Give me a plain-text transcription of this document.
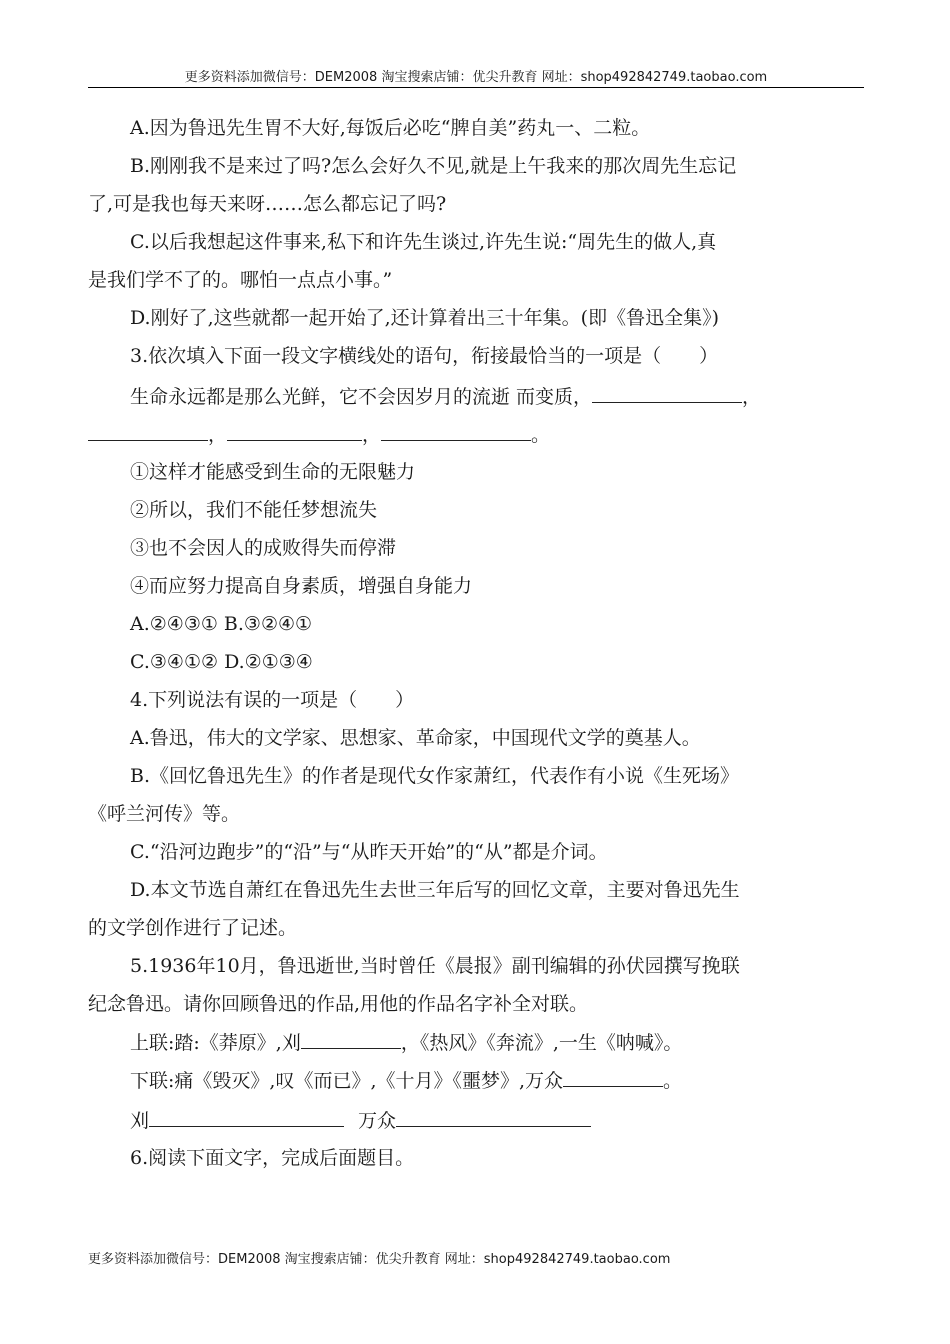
更多资料添加微信号：DEM2008 淘宝搜索店铺：优尖升教育 网址：shop492842749.taobao.com
A.因为鲁迅先生胃不大好,每饭后必吃“脾自美”药丸一、二粒。
B.刚刚我不是来过了吗?怎么会好久不见,就是上午我来的那次周先生忘记
了,可是我也每天来呀……怎么都忘记了吗?
C.以后我想起这件事来,私下和许先生谈过,许先生说:“周先生的做人,真
是我们学不了的。哪怕一点点小事。”
D.刚好了,这些就都一起开始了,还计算着出三十年集。(即《鲁迅全集》)
3.依次填入下面一段文字横线处的语句，衔接最恰当的一项是（　　）
生命永远都是那么光鲜，它不会因岁月的流逝 而变质，	，
，	，	。
①这样才能感受到生命的无限魅力
②所以，我们不能任梦想流失
③也不会因人的成败得失而停滞
④而应努力提高自身素质，增强自身能力
A.②④③① B.③②④①
C.③④①② D.②①③④
4.下列说法有误的一项是（　　）
A.鲁迅，伟大的文学家、思想家、革命家，中国现代文学的奠基人。
B.《回忆鲁迅先生》的作者是现代女作家萧红，代表作有小说《生死场》
《呼兰河传》等。
C.“沿河边跑步”的“沿”与“从昨天开始”的“从”都是介词。
D.本文节选自萧红在鲁迅先生去世三年后写的回忆文章，主要对鲁迅先生
的文学创作进行了记述。
5.1936年10月，鲁迅逝世,当时曾任《晨报》副刊编辑的孙伏园撰写挽联
纪念鲁迅。请你回顾鲁迅的作品,用他的作品名字补全对联。
上联:踏:《莽原》,刈	，《热风》《奔流》,一生《呐喊》。
下联:痛《毁灭》,叹《而已》,《十月》《噩梦》,万众	。
刈	万众
6.阅读下面文字，完成后面题目。
更多资料添加微信号：DEM2008 淘宝搜索店铺：优尖升教育 网址：shop492842749.taobao.com
